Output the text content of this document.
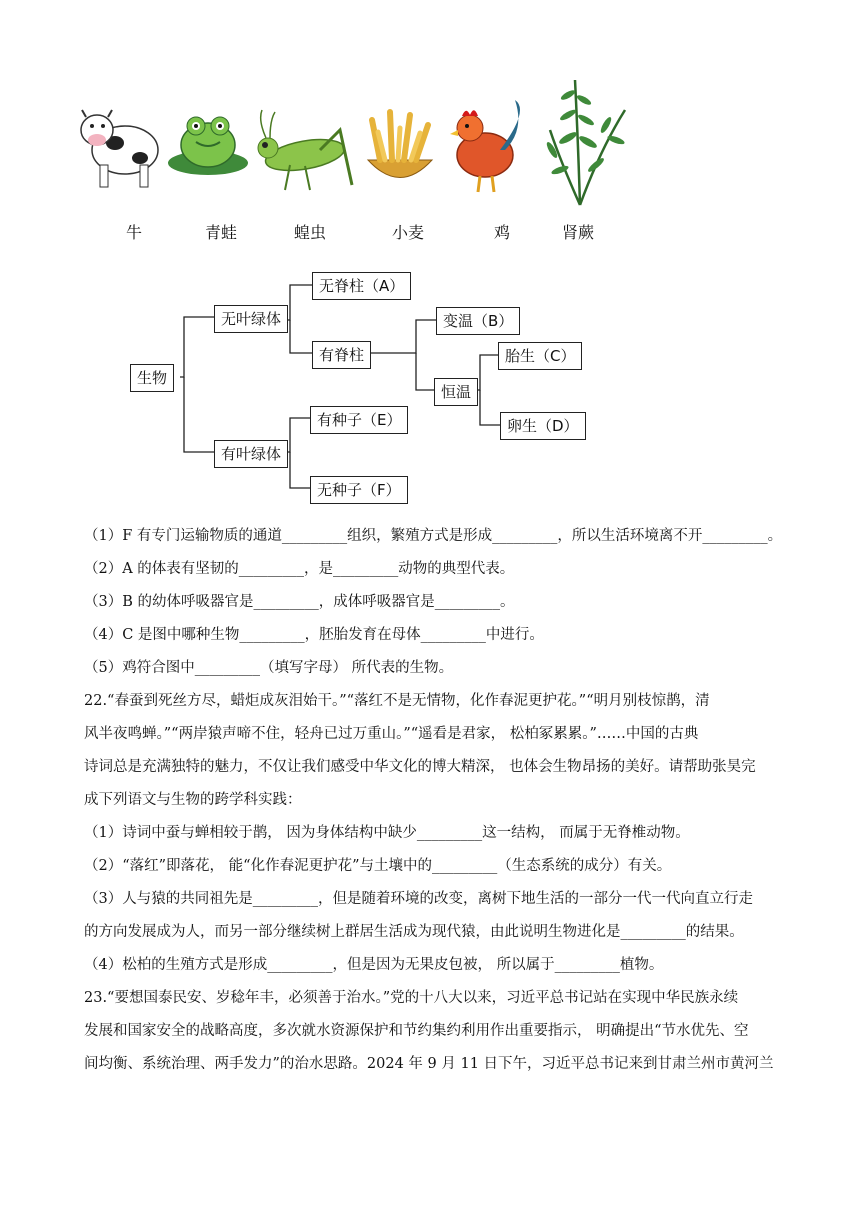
牛	青蛙	蝗虫	小麦	鸡	肾蕨
生物
无叶绿体
有叶绿体
无脊柱（A）
有脊柱
变温（B）
恒温
胎生（C）
卵生（D）
有种子（E）
无种子（F）
（1）F 有专门运输物质的通道_________组织，繁殖方式是形成_________，所以生活环境离不开_________。
（2）A 的体表有坚韧的_________，是_________动物的典型代表。
（3）B 的幼体呼吸器官是_________，成体呼吸器官是_________。
（4）C 是图中哪种生物_________，胚胎发育在母体_________中进行。
（5）鸡符合图中_________（填写字母） 所代表的生物。
22.“春蚕到死丝方尽，蜡炬成灰泪始干。”“落红不是无情物，化作春泥更护花。”“明月别枝惊鹊，清
风半夜鸣蝉。”“两岸猿声啼不住，轻舟已过万重山。”“遥看是君家， 松柏冢累累。”……中国的古典
诗词总是充满独特的魅力，不仅让我们感受中华文化的博大精深， 也体会生物昂扬的美好。请帮助张昊完
成下列语文与生物的跨学科实践：
（1）诗词中蚕与蝉相较于鹊， 因为身体结构中缺少_________这一结构， 而属于无脊椎动物。
（2）“落红”即落花， 能“化作春泥更护花”与土壤中的_________（生态系统的成分）有关。
（3）人与猿的共同祖先是_________，但是随着环境的改变，离树下地生活的一部分一代一代向直立行走
的方向发展成为人，而另一部分继续树上群居生活成为现代猿，由此说明生物进化是_________的结果。
（4）松柏的生殖方式是形成_________，但是因为无果皮包被， 所以属于_________植物。
23.“要想国泰民安、岁稔年丰，必须善于治水。”党的十八大以来，习近平总书记站在实现中华民族永续
发展和国家安全的战略高度，多次就水资源保护和节约集约利用作出重要指示， 明确提出“节水优先、空
间均衡、系统治理、两手发力”的治水思路。2024 年 9 月 11 日下午，习近平总书记来到甘肃兰州市黄河兰
